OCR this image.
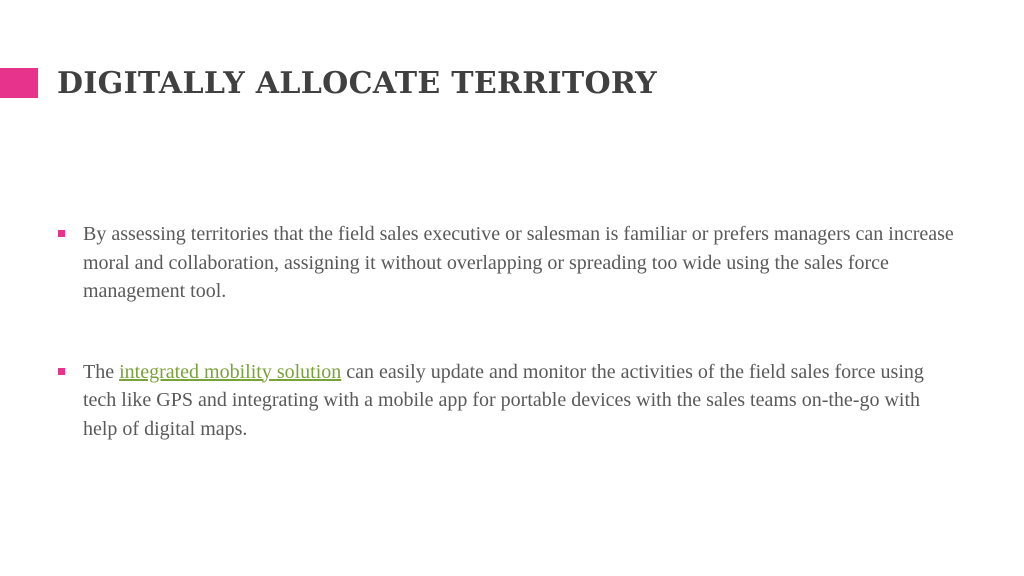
DIGITALLY ALLOCATE TERRITORY
By assessing territories that the field sales executive or salesman is familiar or prefers managers can increase moral and collaboration, assigning it without overlapping or spreading too wide using the sales force management tool.
The integrated mobility solution can easily update and monitor the activities of the field sales force using tech like GPS and integrating with a mobile app for portable devices with the sales teams on-the-go with help of digital maps.
